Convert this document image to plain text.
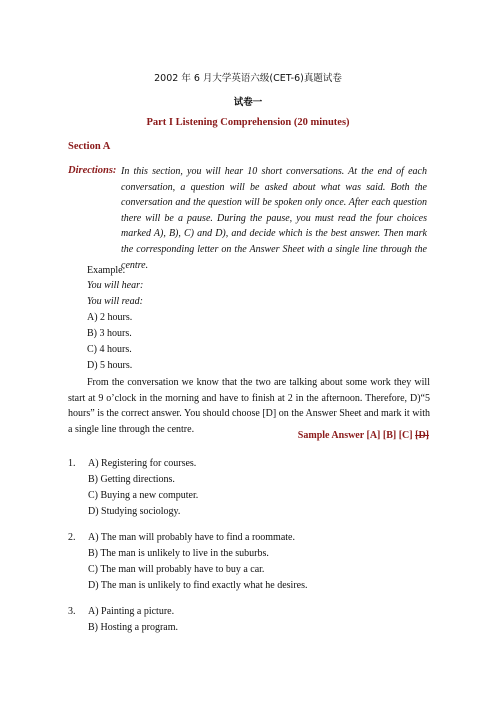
2002 年 6 月大学英语六级(CET-6)真题试卷
试卷一
Part I Listening Comprehension (20 minutes)
Section A
Directions: In this section, you will hear 10 short conversations. At the end of each conversation, a question will be asked about what was said. Both the conversation and the question will be spoken only once. After each question there will be a pause. During the pause, you must read the four choices marked A), B), C) and D), and decide which is the best answer. Then mark the corresponding letter on the Answer Sheet with a single line through the centre.
Example:
You will hear:
You will read:
A) 2 hours.
B) 3 hours.
C) 4 hours.
D) 5 hours.
From the conversation we know that the two are talking about some work they will start at 9 o’clock in the morning and have to finish at 2 in the afternoon. Therefore, D)“5 hours” is the correct answer. You should choose [D] on the Answer Sheet and mark it with a single line through the centre.
Sample Answer [A] [B] [C] [D]
1. A) Registering for courses.
B) Getting directions.
C) Buying a new computer.
D) Studying sociology.
2. A) The man will probably have to find a roommate.
B) The man is unlikely to live in the suburbs.
C) The man will probably have to buy a car.
D) The man is unlikely to find exactly what he desires.
3. A) Painting a picture.
B) Hosting a program.
